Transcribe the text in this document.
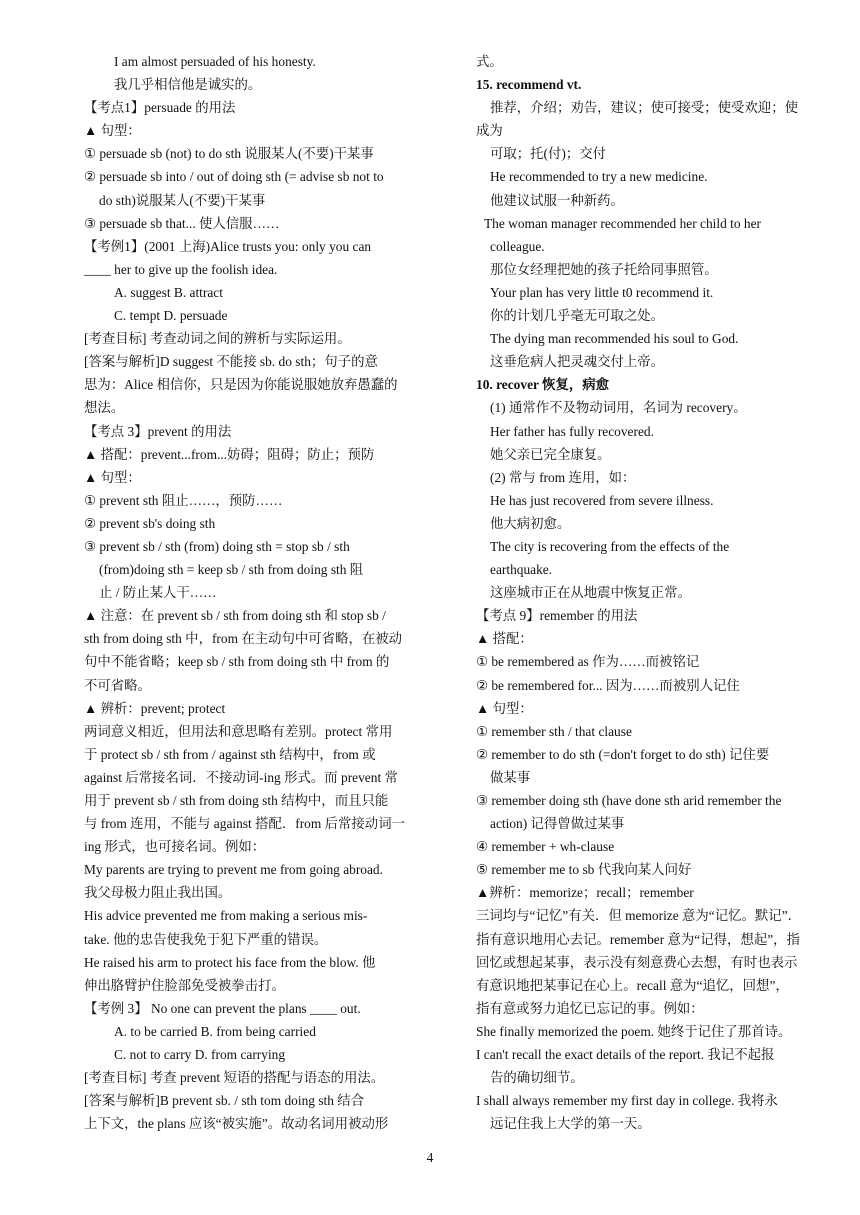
I am almost persuaded of his honesty.
我几乎相信他是诚实的。
【考点1】persuade 的用法
▲ 句型：
① persuade sb (not) to do sth 说服某人(不要)干某事
② persuade sb into / out of doing sth (= advise sb not to
do sth)说服某人(不要)干某事
③ persuade sb that... 使人信服……
【考例1】(2001 上海)Alice trusts you: only you can
____ her to give up the foolish idea.
A. suggest B. attract
C. tempt D. persuade
[考查目标] 考查动词之间的辨析与实际运用。
[答案与解析]D suggest 不能接 sb. do sth；句子的意
思为：Alice 相信你，只是因为你能说服她放弃愚蠢的
想法。
【考点 3】prevent 的用法
▲ 搭配：prevent...from...妨碍；阻碍；防止；预防
▲ 句型：
① prevent sth 阻止……，预防……
② prevent sb's doing sth
③ prevent sb / sth (from) doing sth = stop sb / sth
(from)doing sth = keep sb / sth from doing sth 阻
止 / 防止某人干……
▲ 注意：在 prevent sb / sth from doing sth 和 stop sb /
sth from doing sth 中，from 在主动句中可省略，在被动
句中不能省略；keep sb / sth from doing sth 中 from 的
不可省略。
▲ 辨析：prevent; protect
两词意义相近，但用法和意思略有差别。protect 常用
于 protect sb / sth from / against sth 结构中，from 或
against 后常接名词．不接动词-ing 形式。而 prevent 常
用于 prevent sb / sth from doing sth 结构中，而且只能
与 from 连用，不能与 against 搭配．from 后常接动词一
ing 形式，也可接名词。例如：
My parents are trying to prevent me from going abroad.
我父母极力阻止我出国。
His advice prevented me from making a serious mis-
take. 他的忠告使我免于犯下严重的错误。
He raised his arm to protect his face from the blow. 他
伸出胳臂护住脸部免受被拳击打。
【考例 3】 No one can prevent the plans ____ out.
A. to be carried B. from being carried
C. not to carry D. from carrying
[考查目标] 考查 prevent 短语的搭配与语态的用法。
[答案与解析]B prevent sb. / sth tom doing sth 结合
上下文，the plans 应该“被实施”。故动名词用被动形
式。
15. recommend vt.
推荐，介绍；劝告，建议；使可接受；使受欢迎；使
成为
可取；托(付)；交付
He recommended to try a new medicine.
他建议试服一种新药。
The woman manager recommended her child to her
colleague.
那位女经理把她的孩子托给同事照管。
Your plan has very little t0 recommend it.
你的计划几乎毫无可取之处。
The dying man recommended his soul to God.
这垂危病人把灵魂交付上帝。
10. recover 恢复，病愈
(1) 通常作不及物动词用，名词为 recovery。
Her father has fully recovered.
她父亲已完全康复。
(2) 常与 from 连用，如：
He has just recovered from severe illness.
他大病初愈。
The city is recovering from the effects of the
earthquake.
这座城市正在从地震中恢复正常。
【考点 9】remember 的用法
▲ 搭配：
① be remembered as 作为……而被铭记
② be remembered for... 因为……而被别人记住
▲ 句型：
① remember sth / that clause
② remember to do sth (=don't forget to do sth) 记住要
做某事
③ remember doing sth (have done sth arid remember the
action) 记得曾做过某事
④ remember + wh-clause
⑤ remember me to sb 代我向某人问好
▲辨析：memorize；recall；remember
三词均与“记忆”有关．但 memorize 意为“记忆。默记”．
指有意识地用心去记。remember 意为“记得，想起”，指
回忆或想起某事，表示没有刻意费心去想，有时也表示
有意识地把某事记在心上。recall 意为“追忆，回想”，
指有意或努力追忆已忘记的事。例如：
She finally memorized the poem. 她终于记住了那首诗。
I can't recall the exact details of the report. 我记不起报
告的确切细节。
I shall always remember my first day in college. 我将永
远记住我上大学的第一天。
4
